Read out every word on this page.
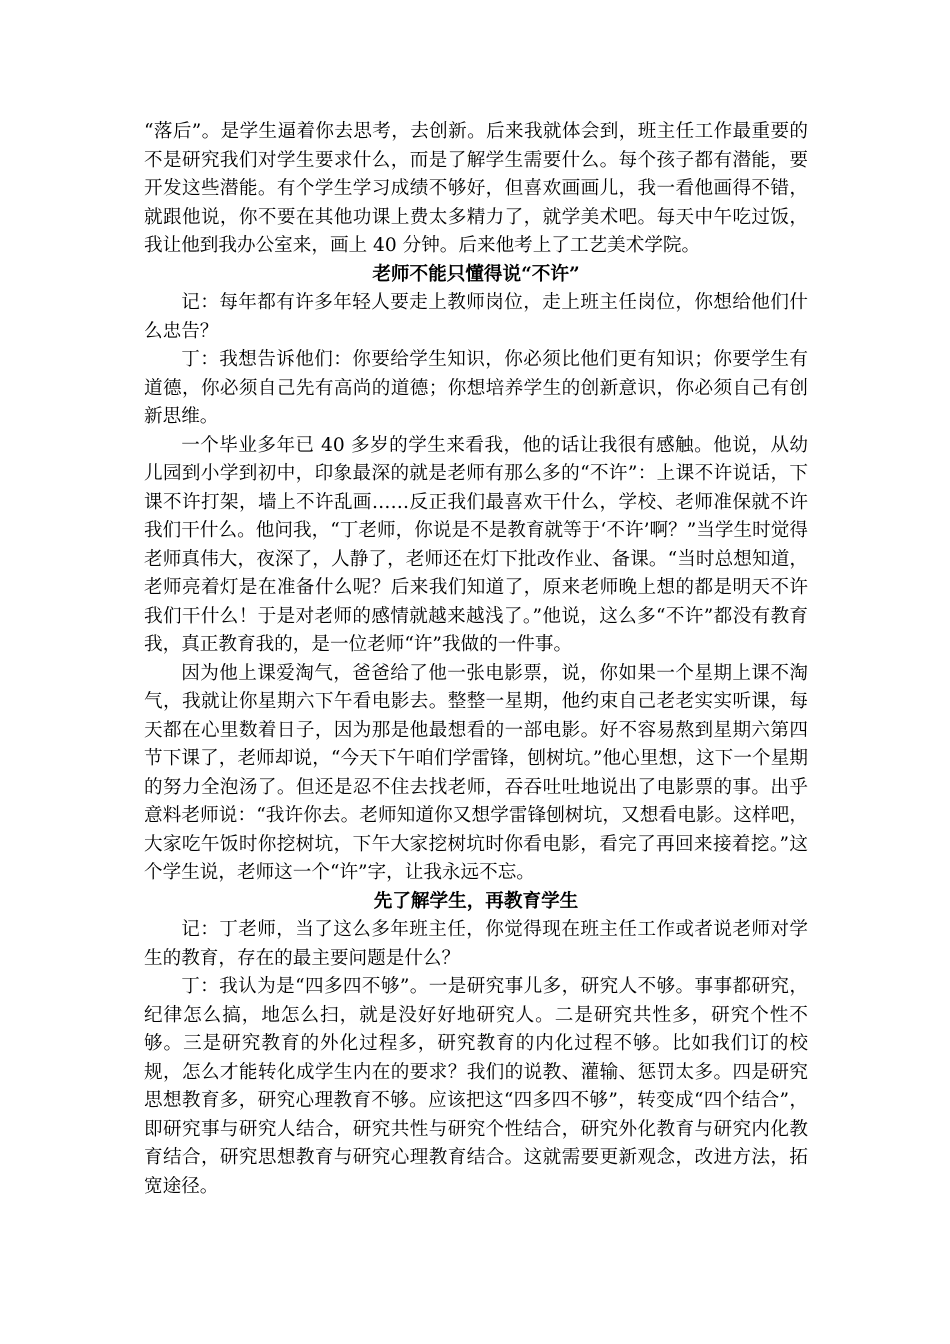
“落后”。是学生逼着你去思考，去创新。后来我就体会到，班主任工作最重要的不是研究我们对学生要求什么，而是了解学生需要什么。每个孩子都有潜能，要开发这些潜能。有个学生学习成绩不够好，但喜欢画画儿，我一看他画得不错，就跟他说，你不要在其他功课上费太多精力了，就学美术吧。每天中午吃过饭，我让他到我办公室来，画上 40 分钟。后来他考上了工艺美术学院。

老师不能只懂得说“不许”

记：每年都有许多年轻人要走上教师岗位，走上班主任岗位，你想给他们什么忠告？

丁：我想告诉他们：你要给学生知识，你必须比他们更有知识；你要学生有道德，你必须自己先有高尚的道德；你想培养学生的创新意识，你必须自己有创新思维。

一个毕业多年已 40 多岁的学生来看我，他的话让我很有感触。他说，从幼儿园到小学到初中，印象最深的就是老师有那么多的“不许”：上课不许说话，下课不许打架，墙上不许乱画……反正我们最喜欢干什么，学校、老师准保就不许我们干什么。他问我，“丁老师，你说是不是教育就等于‘不许’啊？”当学生时觉得老师真伟大，夜深了，人静了，老师还在灯下批改作业、备课。“当时总想知道，老师亮着灯是在准备什么呢？后来我们知道了，原来老师晚上想的都是明天不许我们干什么！于是对老师的感情就越来越浅了。”他说，这么多“不许”都没有教育我，真正教育我的，是一位老师“许”我做的一件事。

因为他上课爱淘气，爸爸给了他一张电影票，说，你如果一个星期上课不淘气，我就让你星期六下午看电影去。整整一星期，他约束自己老老实实听课，每天都在心里数着日子，因为那是他最想看的一部电影。好不容易熬到星期六第四节下课了，老师却说，“今天下午咱们学雷锋，刨树坑。”他心里想，这下一个星期的努力全泡汤了。但还是忍不住去找老师，吞吞吐吐地说出了电影票的事。出乎意料老师说：“我许你去。老师知道你又想学雷锋刨树坑，又想看电影。这样吧，大家吃午饭时你挖树坑，下午大家挖树坑时你看电影，看完了再回来接着挖。”这个学生说，老师这一个“许”字，让我永远不忘。

先了解学生，再教育学生

记：丁老师，当了这么多年班主任，你觉得现在班主任工作或者说老师对学生的教育，存在的最主要问题是什么？

丁：我认为是“四多四不够”。一是研究事儿多，研究人不够。事事都研究，纪律怎么搞，地怎么扫，就是没好好地研究人。二是研究共性多，研究个性不够。三是研究教育的外化过程多，研究教育的内化过程不够。比如我们订的校规，怎么才能转化成学生内在的要求？我们的说教、灌输、惩罚太多。四是研究思想教育多，研究心理教育不够。应该把这“四多四不够”，转变成“四个结合”，即研究事与研究人结合，研究共性与研究个性结合，研究外化教育与研究内化教育结合，研究思想教育与研究心理教育结合。这就需要更新观念，改进方法，拓宽途径。
